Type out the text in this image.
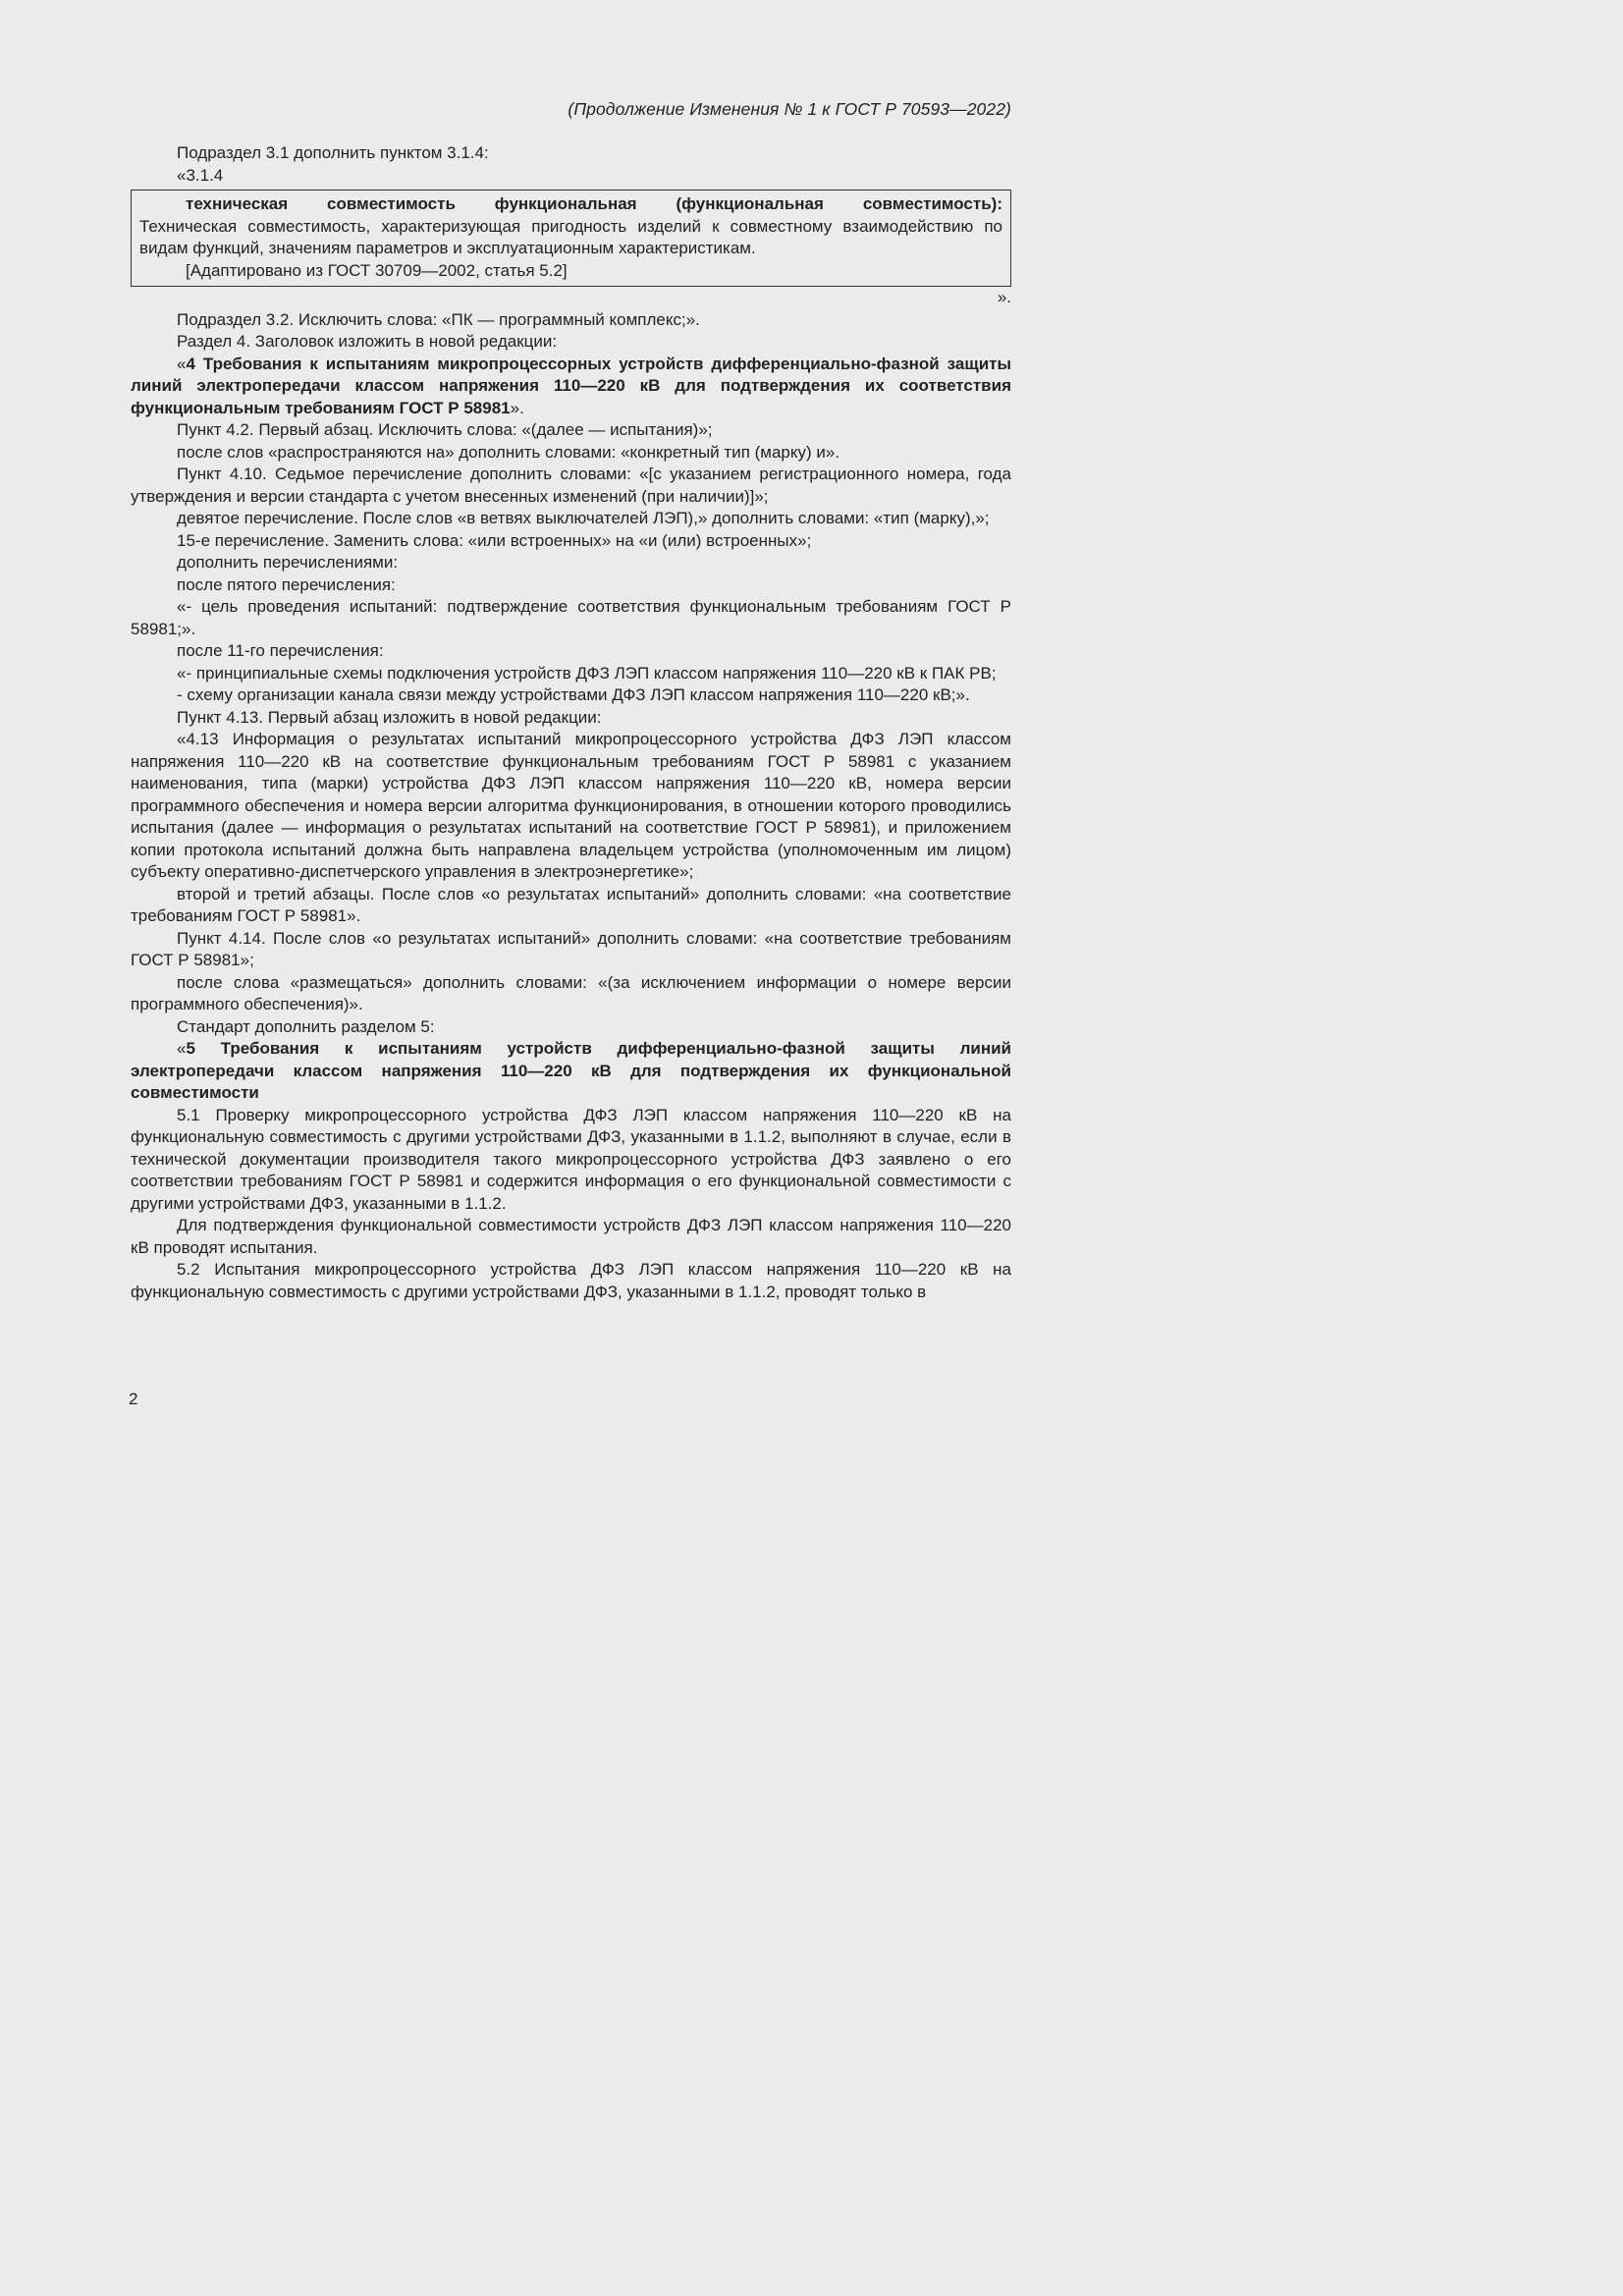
(Продолжение Изменения № 1 к ГОСТ Р 70593—2022)

Подраздел 3.1 дополнить пунктом 3.1.4:

«3.1.4

техническая совместимость функциональная (функциональная совместимость):

Техническая совместимость, характеризующая пригодность изделий к совместному взаимодействию по видам функций, значениям параметров и эксплуатационным характеристикам.

[Адаптировано из ГОСТ 30709—2002, статья 5.2]

».

Подраздел 3.2. Исключить слова: «ПК — программный комплекс;».

Раздел 4. Заголовок изложить в новой редакции:

«4 Требования к испытаниям микропроцессорных устройств дифференциально-фазной защиты линий электропередачи классом напряжения 110—220 кВ для подтверждения их соответствия функциональным требованиям ГОСТ Р 58981».

Пункт 4.2. Первый абзац. Исключить слова: «(далее — испытания)»;

после слов «распространяются на» дополнить словами: «конкретный тип (марку) и».

Пункт 4.10. Седьмое перечисление дополнить словами: «[с указанием регистрационного номера, года утверждения и версии стандарта с учетом внесенных изменений (при наличии)]»;

девятое перечисление. После слов «в ветвях выключателей ЛЭП),» дополнить словами: «тип (марку),»;

15-е перечисление. Заменить слова: «или встроенных» на «и (или) встроенных»;

дополнить перечислениями:

после пятого перечисления:

«- цель проведения испытаний: подтверждение соответствия функциональным требованиям ГОСТ Р 58981;».

после 11-го перечисления:

«- принципиальные схемы подключения устройств ДФЗ ЛЭП классом напряжения 110—220 кВ к ПАК РВ;

- схему организации канала связи между устройствами ДФЗ ЛЭП классом напряжения 110—220 кВ;».

Пункт 4.13. Первый абзац изложить в новой редакции:

«4.13 Информация о результатах испытаний микропроцессорного устройства ДФЗ ЛЭП классом напряжения 110—220 кВ на соответствие функциональным требованиям ГОСТ Р 58981 с указанием наименования, типа (марки) устройства ДФЗ ЛЭП классом напряжения 110—220 кВ, номера версии программного обеспечения и номера версии алгоритма функционирования, в отношении которого проводились испытания (далее — информация о результатах испытаний на соответствие ГОСТ Р 58981), и приложением копии протокола испытаний должна быть направлена владельцем устройства (уполномоченным им лицом) субъекту оперативно-диспетчерского управления в электроэнергетике»;

второй и третий абзацы. После слов «о результатах испытаний» дополнить словами: «на соответствие требованиям ГОСТ Р 58981».

Пункт 4.14. После слов «о результатах испытаний» дополнить словами: «на соответствие требованиям ГОСТ Р 58981»;

после слова «размещаться» дополнить словами: «(за исключением информации о номере версии программного обеспечения)».

Стандарт дополнить разделом 5:

«5 Требования к испытаниям устройств дифференциально-фазной защиты линий электропередачи классом напряжения 110—220 кВ для подтверждения их функциональной совместимости

5.1 Проверку микропроцессорного устройства ДФЗ ЛЭП классом напряжения 110—220 кВ на функциональную совместимость с другими устройствами ДФЗ, указанными в 1.1.2, выполняют в случае, если в технической документации производителя такого микропроцессорного устройства ДФЗ заявлено о его соответствии требованиям ГОСТ Р 58981 и содержится информация о его функциональной совместимости с другими устройствами ДФЗ, указанными в 1.1.2.

Для подтверждения функциональной совместимости устройств ДФЗ ЛЭП классом напряжения 110—220 кВ проводят испытания.

5.2 Испытания микропроцессорного устройства ДФЗ ЛЭП классом напряжения 110—220 кВ на функциональную совместимость с другими устройствами ДФЗ, указанными в 1.1.2, проводят только в

2
